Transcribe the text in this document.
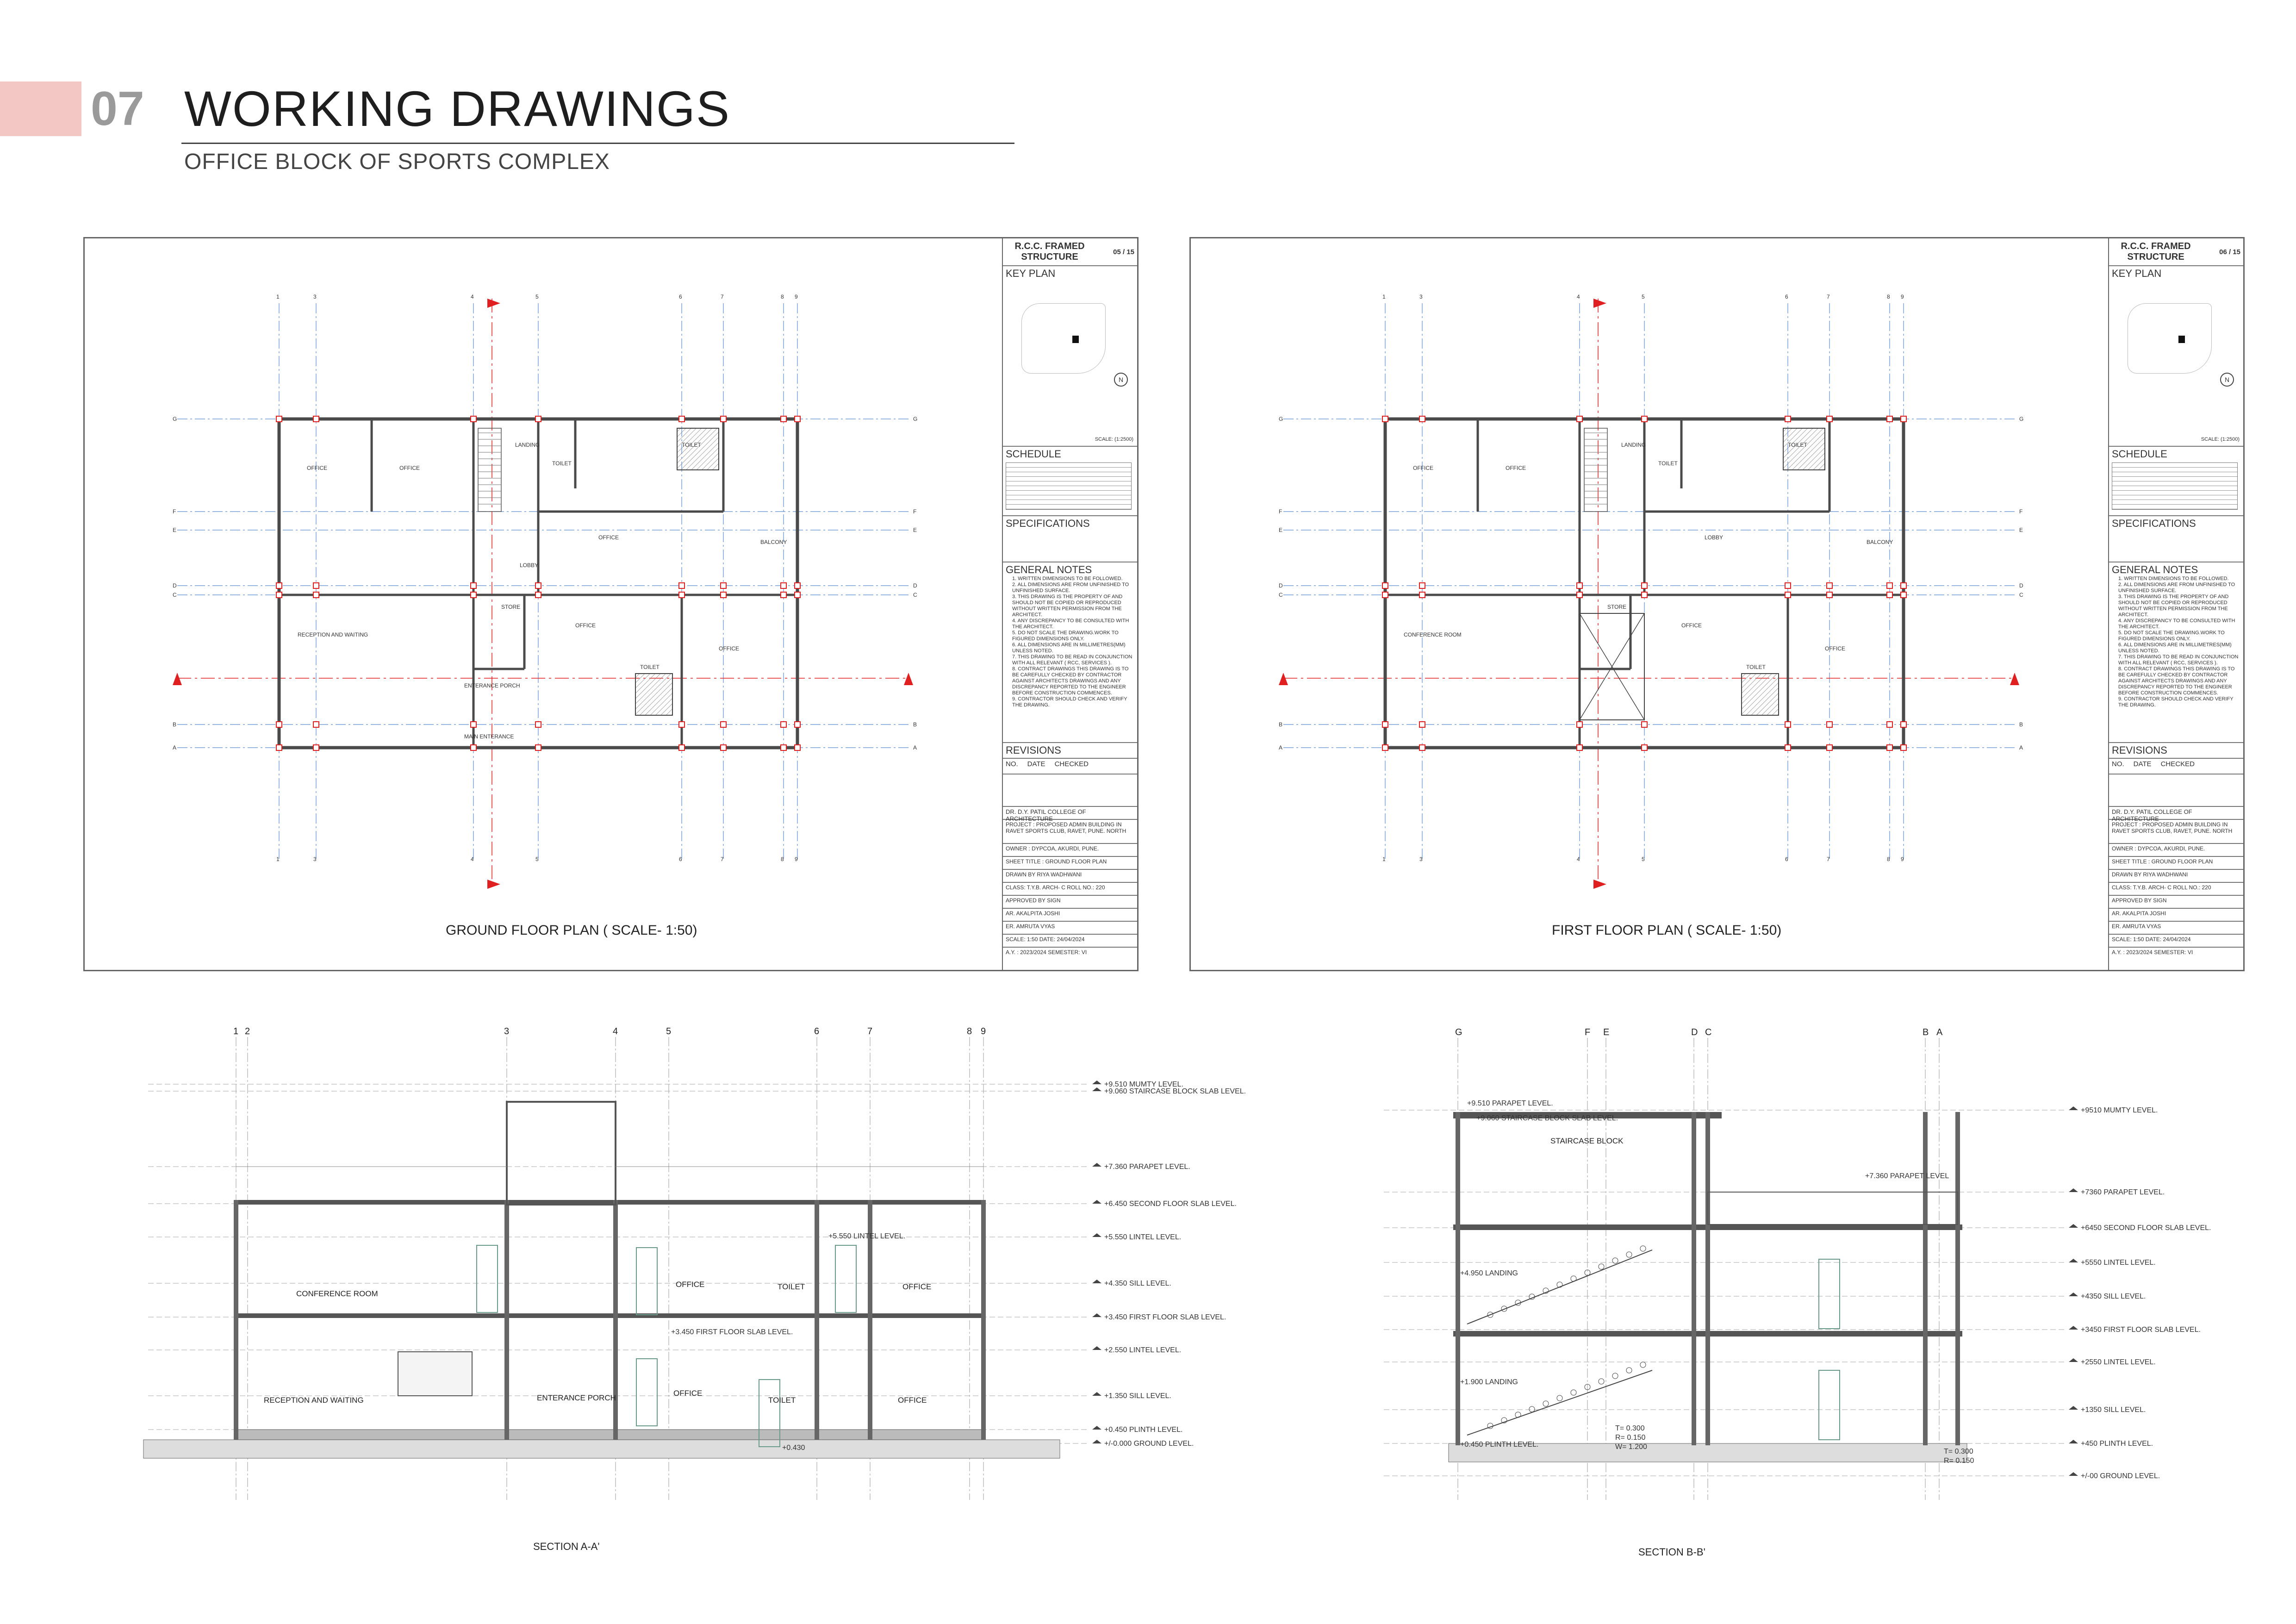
07 WORKING DRAWINGS
OFFICE BLOCK OF SPORTS COMPLEX
1
1
3
3
4
4
5
5
6
6
7
7
8
8
9
9
G	G
F	F
E	E
D	D
C	C
B	B
A	A
OFFICE	OFFICE
LANDING
TOILET
TOILET
OFFICE
LOBBY
BALCONY
STORE
OFFICE
RECEPTION AND WAITING
ENTERANCE PORCH
OFFICE
TOILET
MAIN ENTERANCE
GROUND FLOOR PLAN ( SCALE- 1:50)
R.C.C. FRAMED STRUCTURE	05 / 15
KEY PLAN
SCALE: (1:2500)
N
SCHEDULE
SPECIFICATIONS
GENERAL NOTES
1. WRITTEN DIMENSIONS TO BE FOLLOWED.
2. ALL DIMENSIONS ARE FROM UNFINISHED TO UNFINISHED SURFACE.
3. THIS DRAWING IS THE PROPERTY OF AND SHOULD NOT BE COPIED OR REPRODUCED WITHOUT WRITTEN PERMISSION FROM THE ARCHITECT.
4. ANY DISCREPANCY TO BE CONSULTED WITH THE ARCHITECT.
5. DO NOT SCALE THE DRAWING.WORK TO FIGURED DIMENSIONS ONLY.
6. ALL DIMENSIONS ARE IN MILLIMETRES(MM) UNLESS NOTED.
7. THIS DRAWING TO BE READ IN CONJUNCTION WITH ALL RELEVANT ( RCC, SERVICES ).
8. CONTRACT DRAWINGS THIS DRAWING IS TO BE CAREFULLY CHECKED BY CONTRACTOR AGAINST ARCHITECTS DRAWINGS AND ANY DISCREPANCY REPORTED TO THE ENGINEER BEFORE CONSTRUCTION COMMENCES.
9. CONTRACTOR SHOULD CHECK AND VERIFY THE DRAWING.
REVISIONS
NO. DATE CHECKED
DR. D.Y. PATIL COLLEGE OF ARCHITECTURE
PROJECT : PROPOSED ADMIN BUILDING IN RAVET SPORTS CLUB, RAVET, PUNE. NORTH
OWNER : DYPCOA, AKURDI, PUNE.
SHEET TITLE : GROUND FLOOR PLAN
DRAWN BY RIYA WADHWANI
CLASS: T.Y.B. ARCH- C ROLL NO.: 220
APPROVED BY SIGN
AR. AKALPITA JOSHI
ER. AMRUTA VYAS
SCALE: 1:50 DATE: 24/04/2024
A.Y. : 2023/2024 SEMESTER: VI
1
1
3
3
4
4
5
5
6
6
7
7
8
8
9
9
G	G
F	F
E	E
D	D
C	C
B	B
A	A
OFFICE	OFFICE
LANDING
TOILET
TOILET
LOBBY
BALCONY
STORE
OFFICE
CONFERENCE ROOM
OFFICE
TOILET
FIRST FLOOR PLAN ( SCALE- 1:50)
R.C.C. FRAMED STRUCTURE	06 / 15
KEY PLAN
SCALE: (1:2500)
N
SCHEDULE
SPECIFICATIONS
GENERAL NOTES
1. WRITTEN DIMENSIONS TO BE FOLLOWED.
2. ALL DIMENSIONS ARE FROM UNFINISHED TO UNFINISHED SURFACE.
3. THIS DRAWING IS THE PROPERTY OF AND SHOULD NOT BE COPIED OR REPRODUCED WITHOUT WRITTEN PERMISSION FROM THE ARCHITECT.
4. ANY DISCREPANCY TO BE CONSULTED WITH THE ARCHITECT.
5. DO NOT SCALE THE DRAWING.WORK TO FIGURED DIMENSIONS ONLY.
6. ALL DIMENSIONS ARE IN MILLIMETRES(MM) UNLESS NOTED.
7. THIS DRAWING TO BE READ IN CONJUNCTION WITH ALL RELEVANT ( RCC, SERVICES ).
8. CONTRACT DRAWINGS THIS DRAWING IS TO BE CAREFULLY CHECKED BY CONTRACTOR AGAINST ARCHITECTS DRAWINGS AND ANY DISCREPANCY REPORTED TO THE ENGINEER BEFORE CONSTRUCTION COMMENCES.
9. CONTRACTOR SHOULD CHECK AND VERIFY THE DRAWING.
REVISIONS
NO. DATE CHECKED
DR. D.Y. PATIL COLLEGE OF ARCHITECTURE
PROJECT : PROPOSED ADMIN BUILDING IN RAVET SPORTS CLUB, RAVET, PUNE. NORTH
OWNER : DYPCOA, AKURDI, PUNE.
SHEET TITLE : GROUND FLOOR PLAN
DRAWN BY RIYA WADHWANI
CLASS: T.Y.B. ARCH- C ROLL NO.: 220
APPROVED BY SIGN
AR. AKALPITA JOSHI
ER. AMRUTA VYAS
SCALE: 1:50 DATE: 24/04/2024
A.Y. : 2023/2024 SEMESTER: VI
1 2	3	4	5	6	7	8 9
+9.510 MUMTY LEVEL.
+9.060 STAIRCASE BLOCK SLAB LEVEL.
+7.360 PARAPET LEVEL.
+6.450 SECOND FLOOR SLAB LEVEL.
+5.550 LINTEL LEVEL.
+4.350 SILL LEVEL.
+3.450 FIRST FLOOR SLAB LEVEL.
+2.550 LINTEL LEVEL.
+1.350 SILL LEVEL.
+0.450 PLINTH LEVEL.
+/-0.000 GROUND LEVEL.
CONFERENCE ROOM
OFFICE	TOILET	OFFICE
RECEPTION AND WAITING	ENTERANCE PORCH
OFFICE
TOILET	OFFICE
+5.550 LINTEL LEVEL.
+3.450 FIRST FLOOR SLAB LEVEL.
+0.430
SECTION A-A'
G	F E	D C	B A
+9510 MUMTY LEVEL.
+7360 PARAPET LEVEL.
+6450 SECOND FLOOR SLAB LEVEL.
+5550 LINTEL LEVEL.
+4350 SILL LEVEL.
+3450 FIRST FLOOR SLAB LEVEL.
+2550 LINTEL LEVEL.
+1350 SILL LEVEL.
+450 PLINTH LEVEL.
+/-00 GROUND LEVEL.
+9.510 PARAPET LEVEL.
+9.060 STAIRCASE BLOCK SLAB LEVEL.
STAIRCASE BLOCK
+4.950 LANDING
+1.900 LANDING
+0.450 PLINTH LEVEL.
+7.360 PARAPET LEVEL
T= 0.300
R= 0.150
W= 1.200
T= 0.300
R= 0.150
SECTION B-B'
